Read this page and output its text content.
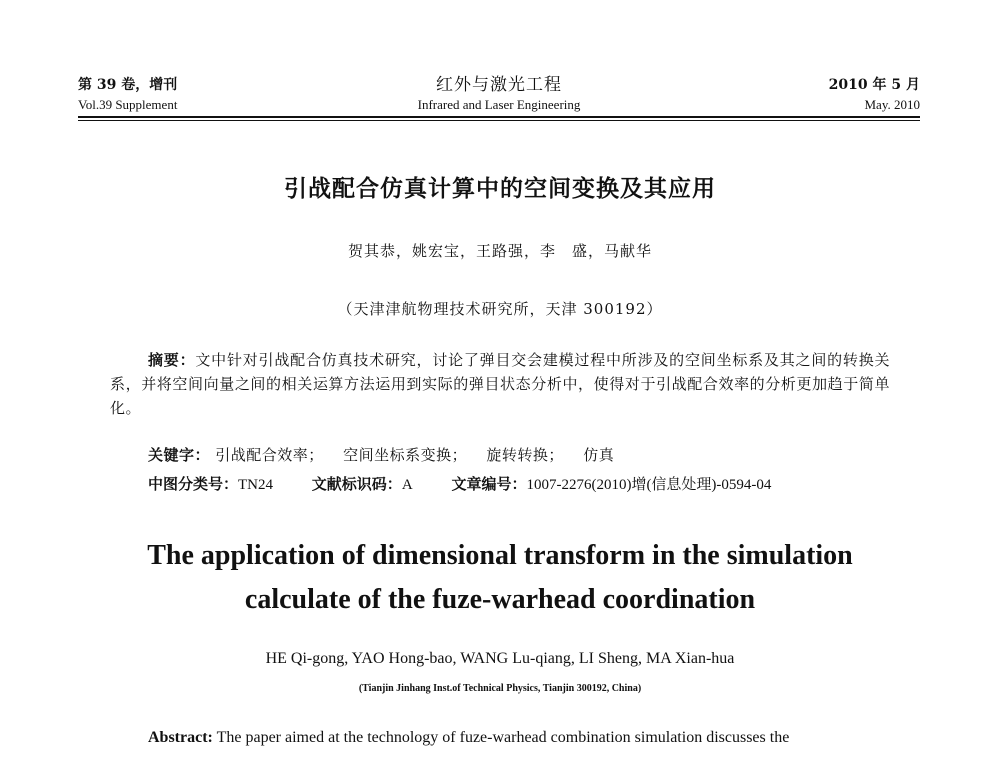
第 39 卷，增刊
Vol.39 Supplement
红外与激光工程
Infrared and Laser Engineering
2010 年 5 月
May. 2010
引战配合仿真计算中的空间变换及其应用
贺其恭，姚宏宝，王路强，李　盛，马献华
（天津津航物理技术研究所，天津 300192）
摘要：文中针对引战配合仿真技术研究，讨论了弹目交会建模过程中所涉及的空间坐标系及其之间的转换关系，并将空间向量之间的相关运算方法运用到实际的弹目状态分析中，使得对于引战配合效率的分析更加趋于简单化。
关键字： 引战配合效率； 空间坐标系变换； 旋转转换； 仿真
中图分类号：TN24	文献标识码：A	文章编号：1007-2276(2010)增(信息处理)-0594-04
The application of dimensional transform in the simulation
calculate of the fuze-warhead coordination
HE Qi-gong, YAO Hong-bao, WANG Lu-qiang, LI Sheng, MA Xian-hua
(Tianjin Jinhang Inst.of Technical Physics, Tianjin 300192, China)
Abstract: The paper aimed at the technology of fuze-warhead combination simulation discusses the
